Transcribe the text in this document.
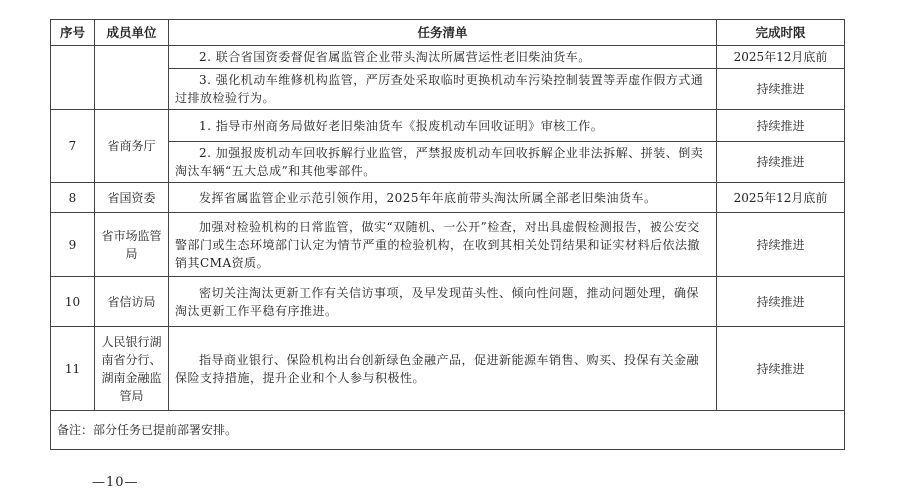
序号	成员单位	任务清单	完成时限
		2. 联合省国资委督促省属监管企业带头淘汰所属营运性老旧柴油货车。	2025年12月底前
		3. 强化机动车维修机构监管，严厉查处采取临时更换机动车污染控制装置等弄虚作假方式通过排放检验行为。	持续推进
7	省商务厅	1. 指导市州商务局做好老旧柴油货车《报废机动车回收证明》审核工作。	持续推进
		2. 加强报废机动车回收拆解行业监管，严禁报废机动车回收拆解企业非法拆解、拼装、倒卖淘汰车辆“五大总成”和其他零部件。	持续推进
8	省国资委	发挥省属监管企业示范引领作用，2025年年底前带头淘汰所属全部老旧柴油货车。	2025年12月底前
9	省市场监管局	加强对检验机构的日常监管，做实“双随机、一公开”检查，对出具虚假检测报告，被公安交警部门或生态环境部门认定为情节严重的检验机构，在收到其相关处罚结果和证实材料后依法撤销其CMA资质。	持续推进
10	省信访局	密切关注淘汰更新工作有关信访事项，及早发现苗头性、倾向性问题，推动问题处理，确保淘汰更新工作平稳有序推进。	持续推进
11	人民银行湖南省分行、湖南金融监管局	指导商业银行、保险机构出台创新绿色金融产品，促进新能源车销售、购买、投保有关金融保险支持措施，提升企业和个人参与积极性。	持续推进
备注：部分任务已提前部署安排。			
—10—
